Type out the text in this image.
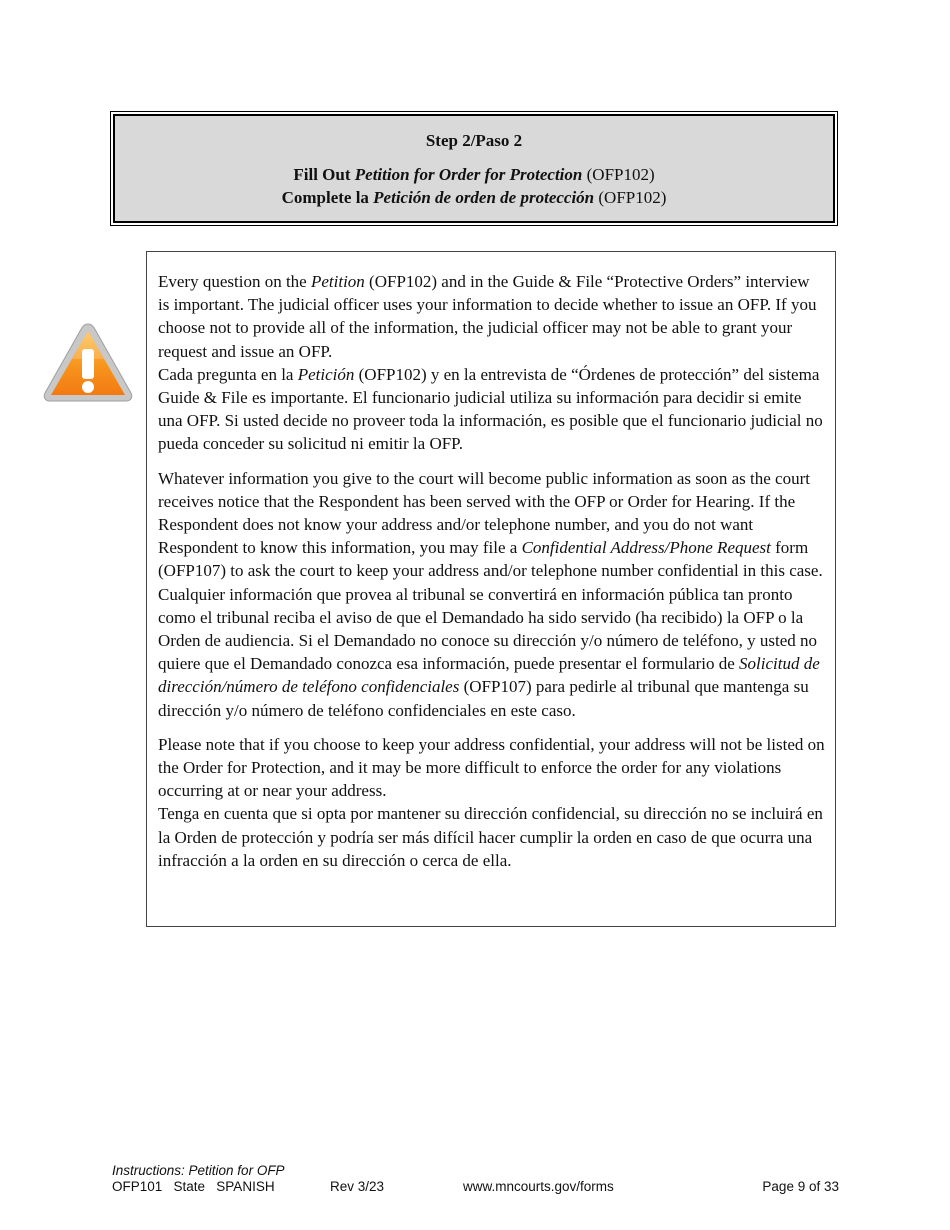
Step 2/Paso 2
Fill Out Petition for Order for Protection (OFP102)
Complete la Petición de orden de protección (OFP102)

Every question on the Petition (OFP102) and in the Guide & File “Protective Orders” interview is important. The judicial officer uses your information to decide whether to issue an OFP. If you choose not to provide all of the information, the judicial officer may not be able to grant your request and issue an OFP.

Cada pregunta en la Petición (OFP102) y en la entrevista de “Órdenes de protección” del sistema Guide & File es importante. El funcionario judicial utiliza su información para decidir si emite una OFP. Si usted decide no proveer toda la información, es posible que el funcionario judicial no pueda conceder su solicitud ni emitir la OFP.

Whatever information you give to the court will become public information as soon as the court receives notice that the Respondent has been served with the OFP or Order for Hearing. If the Respondent does not know your address and/or telephone number, and you do not want Respondent to know this information, you may file a Confidential Address/Phone Request form (OFP107) to ask the court to keep your address and/or telephone number confidential in this case.

Cualquier información que provea al tribunal se convertirá en información pública tan pronto como el tribunal reciba el aviso de que el Demandado ha sido servido (ha recibido) la OFP o la Orden de audiencia. Si el Demandado no conoce su dirección y/o número de teléfono, y usted no quiere que el Demandado conozca esa información, puede presentar el formulario de Solicitud de dirección/número de teléfono confidenciales (OFP107) para pedirle al tribunal que mantenga su dirección y/o número de teléfono confidenciales en este caso.

Please note that if you choose to keep your address confidential, your address will not be listed on the Order for Protection, and it may be more difficult to enforce the order for any violations occurring at or near your address.

Tenga en cuenta que si opta por mantener su dirección confidencial, su dirección no se incluirá en la Orden de protección y podría ser más difícil hacer cumplir la orden en caso de que ocurra una infracción a la orden en su dirección o cerca de ella.

Instructions: Petition for OFP
OFP101   State   SPANISH	Rev 3/23	www.mncourts.gov/forms	Page 9 of 33
